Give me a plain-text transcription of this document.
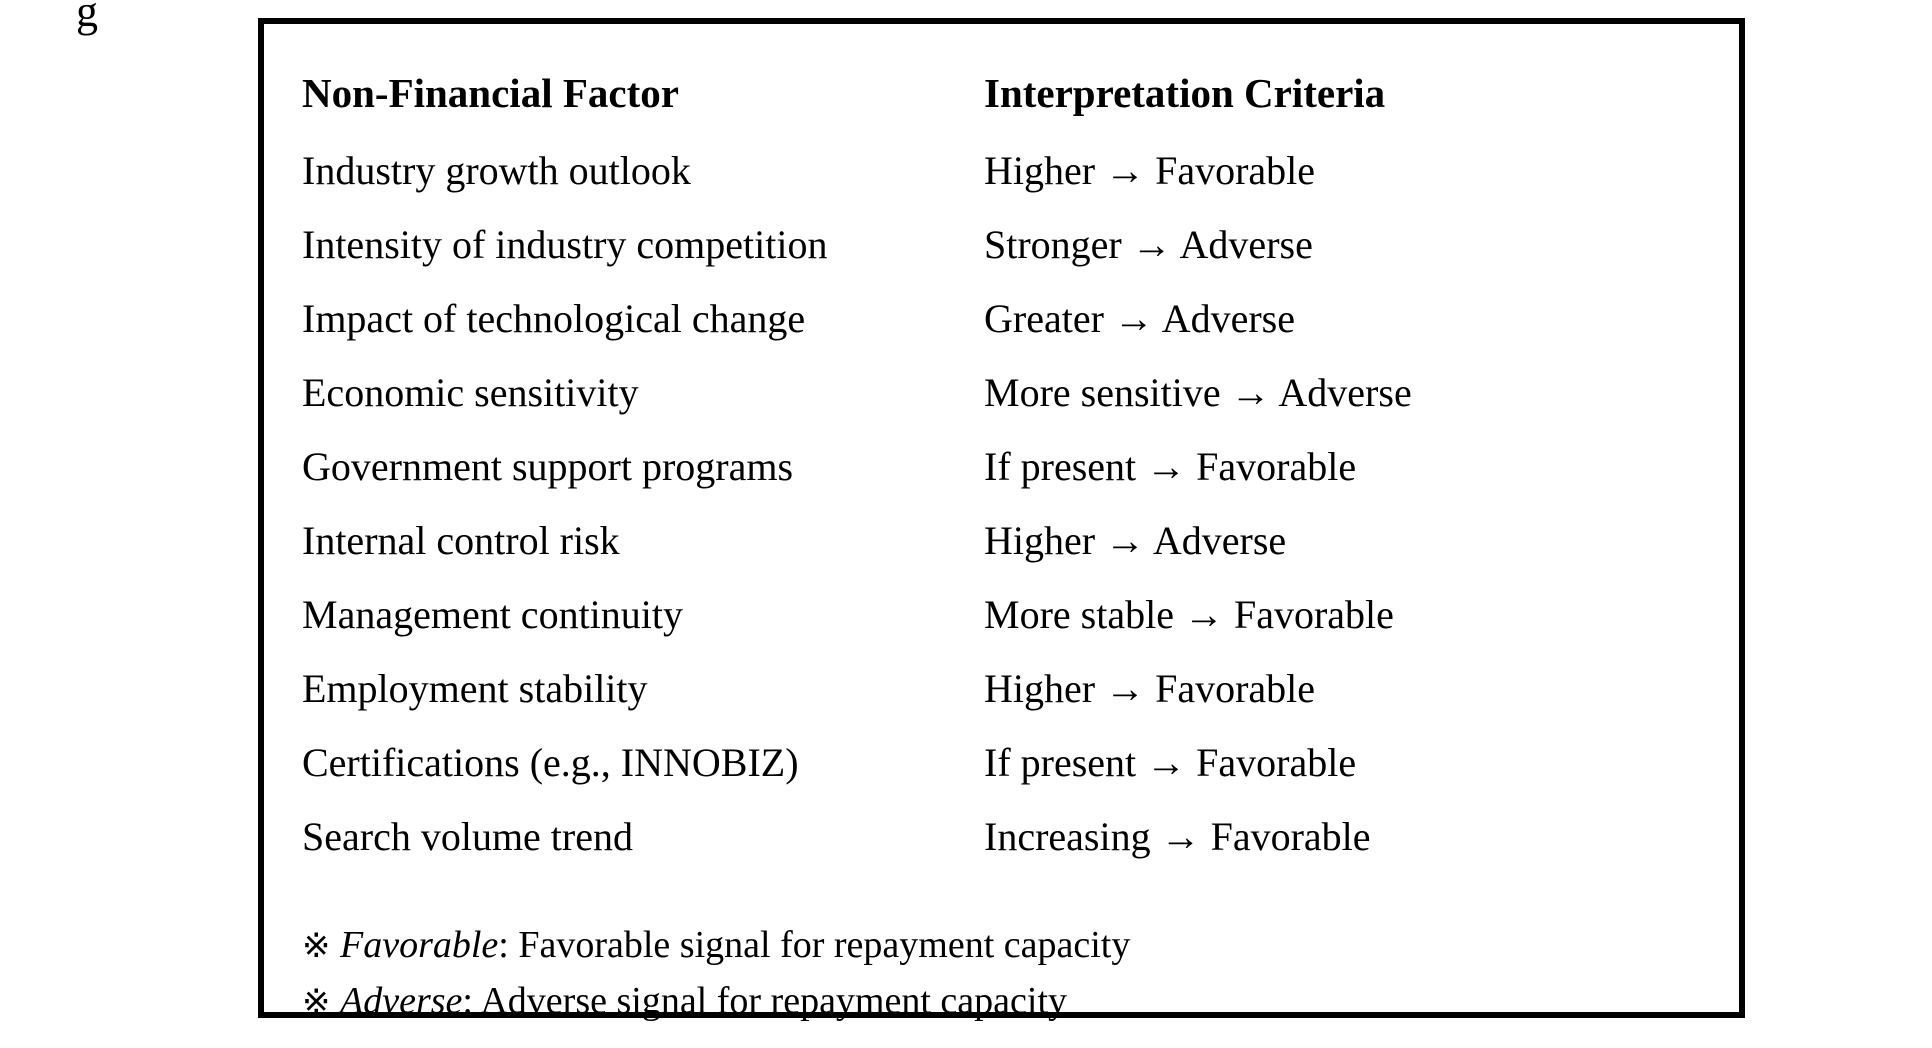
g
Non-Financial Factor	Interpretation Criteria
Industry growth outlook	Higher → Favorable
Intensity of industry competition	Stronger → Adverse
Impact of technological change	Greater → Adverse
Economic sensitivity	More sensitive → Adverse
Government support programs	If present → Favorable
Internal control risk	Higher → Adverse
Management continuity	More stable → Favorable
Employment stability	Higher → Favorable
Certifications (e.g., INNOBIZ)	If present → Favorable
Search volume trend	Increasing → Favorable
※ Favorable: Favorable signal for repayment capacity
※ Adverse: Adverse signal for repayment capacity
